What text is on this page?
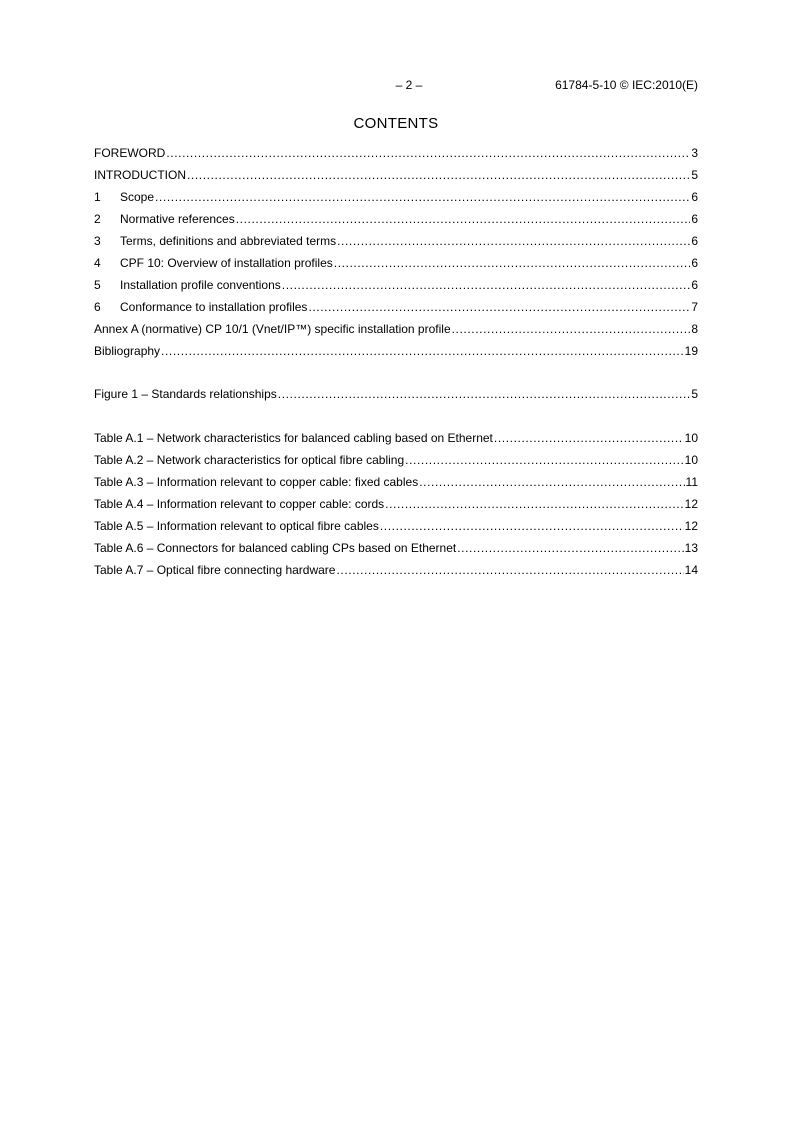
– 2 –	61784-5-10 © IEC:2010(E)
CONTENTS
FOREWORD .....	3
INTRODUCTION .....	5
1	Scope .....	6
2	Normative references .....	6
3	Terms, definitions and abbreviated terms .....	6
4	CPF 10: Overview of installation profiles .....	6
5	Installation profile conventions .....	6
6	Conformance to installation profiles .....	7
Annex A (normative) CP 10/1 (Vnet/IP™) specific installation profile .....	8
Bibliography .....	19
Figure 1 – Standards relationships .....	5
Table A.1 – Network characteristics for balanced cabling based on Ethernet .....	10
Table A.2 – Network characteristics for optical fibre cabling .....	10
Table A.3 – Information relevant to copper cable: fixed cables .....	11
Table A.4 – Information relevant to copper cable: cords .....	12
Table A.5 – Information relevant to optical fibre cables .....	12
Table A.6 – Connectors for balanced cabling CPs based on Ethernet .....	13
Table A.7 – Optical fibre connecting hardware .....	14
